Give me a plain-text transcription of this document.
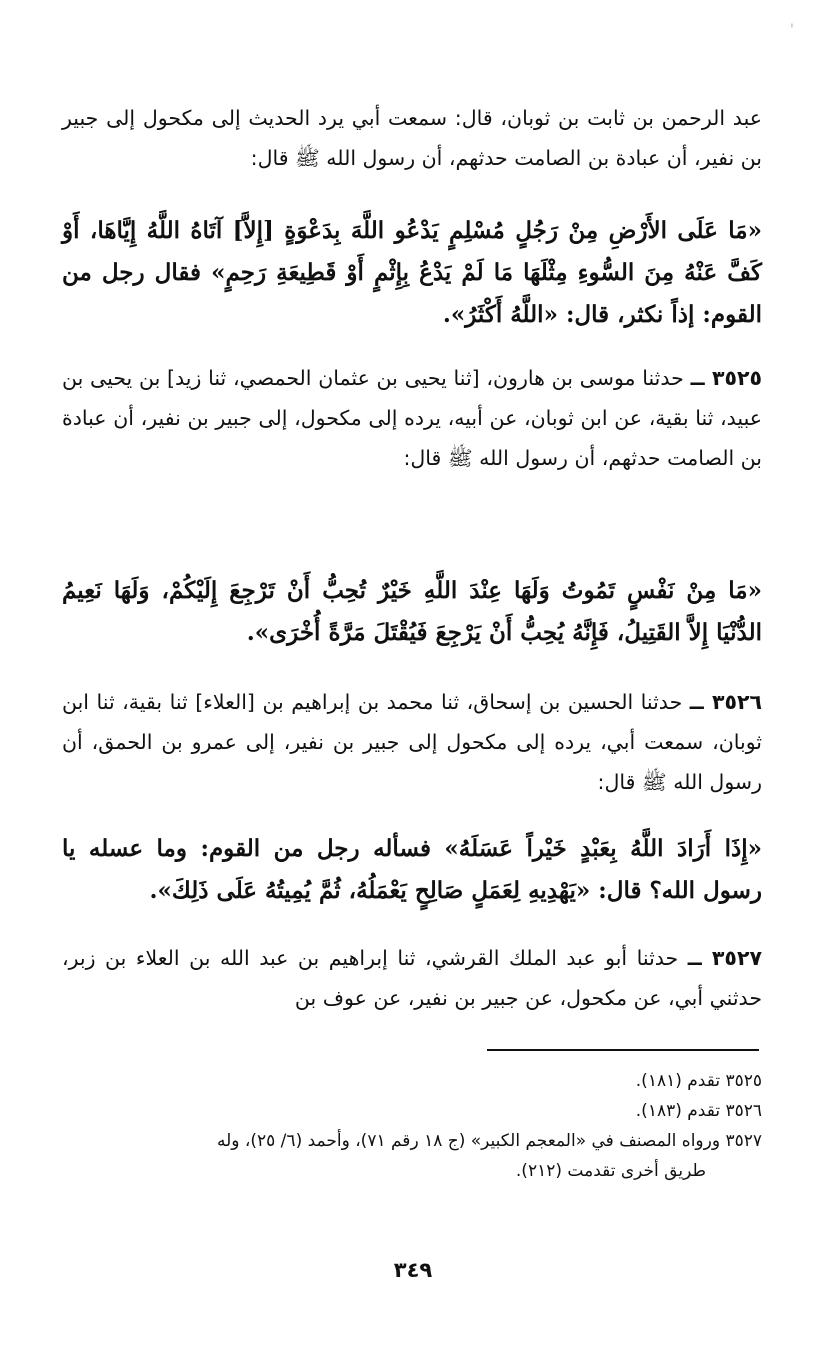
'
عبد الرحمن بن ثابت بن ثوبان، قال: سمعت أبي يرد الحديث إلى مكحول إلى جبير بن نفير، أن عبادة بن الصامت حدثهم، أن رسول الله ﷺ قال:
«مَا عَلَى الأَرْضِ مِنْ رَجُلٍ مُسْلِمٍ يَدْعُو اللَّهَ بِدَعْوَةٍ [إِلاَّ] آتَاهُ اللَّهُ إِيَّاهَا، أَوْ كَفَّ عَنْهُ مِنَ السُّوءِ مِثْلَهَا مَا لَمْ يَدْعُ بِإِثْمٍ أَوْ قَطِيعَةِ رَحِمٍ» فقال رجل من القوم: إذاً نكثر، قال: «اللَّهُ أَكْثَرُ».
٣٥٢٥ ــ حدثنا موسى بن هارون، [ثنا يحيى بن عثمان الحمصي، ثنا زيد] بن يحيى بن عبيد، ثنا بقية، عن ابن ثوبان، عن أبيه، يرده إلى مكحول، إلى جبير بن نفير، أن عبادة بن الصامت حدثهم، أن رسول الله ﷺ قال:
«مَا مِنْ نَفْسٍ تَمُوتُ وَلَهَا عِنْدَ اللَّهِ خَيْرٌ تُحِبُّ أَنْ تَرْجِعَ إِلَيْكُمْ، وَلَهَا نَعِيمُ الدُّنْيَا إِلاَّ القَتِيلُ، فَإِنَّهُ يُحِبُّ أَنْ يَرْجِعَ فَيُقْتَلَ مَرَّةً أُخْرَى».
٣٥٢٦ ــ حدثنا الحسين بن إسحاق، ثنا محمد بن إبراهيم بن [العلاء] ثنا بقية، ثنا ابن ثوبان، سمعت أبي، يرده إلى مكحول إلى جبير بن نفير، إلى عمرو بن الحمق، أن رسول الله ﷺ قال:
«إِذَا أَرَادَ اللَّهُ بِعَبْدٍ خَيْراً عَسَلَهُ» فسأله رجل من القوم: وما عسله يا رسول الله؟ قال: «يَهْدِيهِ لِعَمَلٍ صَالِحٍ يَعْمَلُهُ، ثُمَّ يُمِيتُهُ عَلَى ذَلِكَ».
٣٥٢٧ ــ حدثنا أبو عبد الملك القرشي، ثنا إبراهيم بن عبد الله بن العلاء بن زبر، حدثني أبي، عن مكحول، عن جبير بن نفير، عن عوف بن
٣٥٢٥ تقدم (١٨١).
٣٥٢٦ تقدم (١٨٣).
٣٥٢٧ ورواه المصنف في «المعجم الكبير» (ج ١٨ رقم ٧١)، وأحمد (٦/ ٢٥)، وله
طريق أخرى تقدمت (٢١٢).
٣٤٩
